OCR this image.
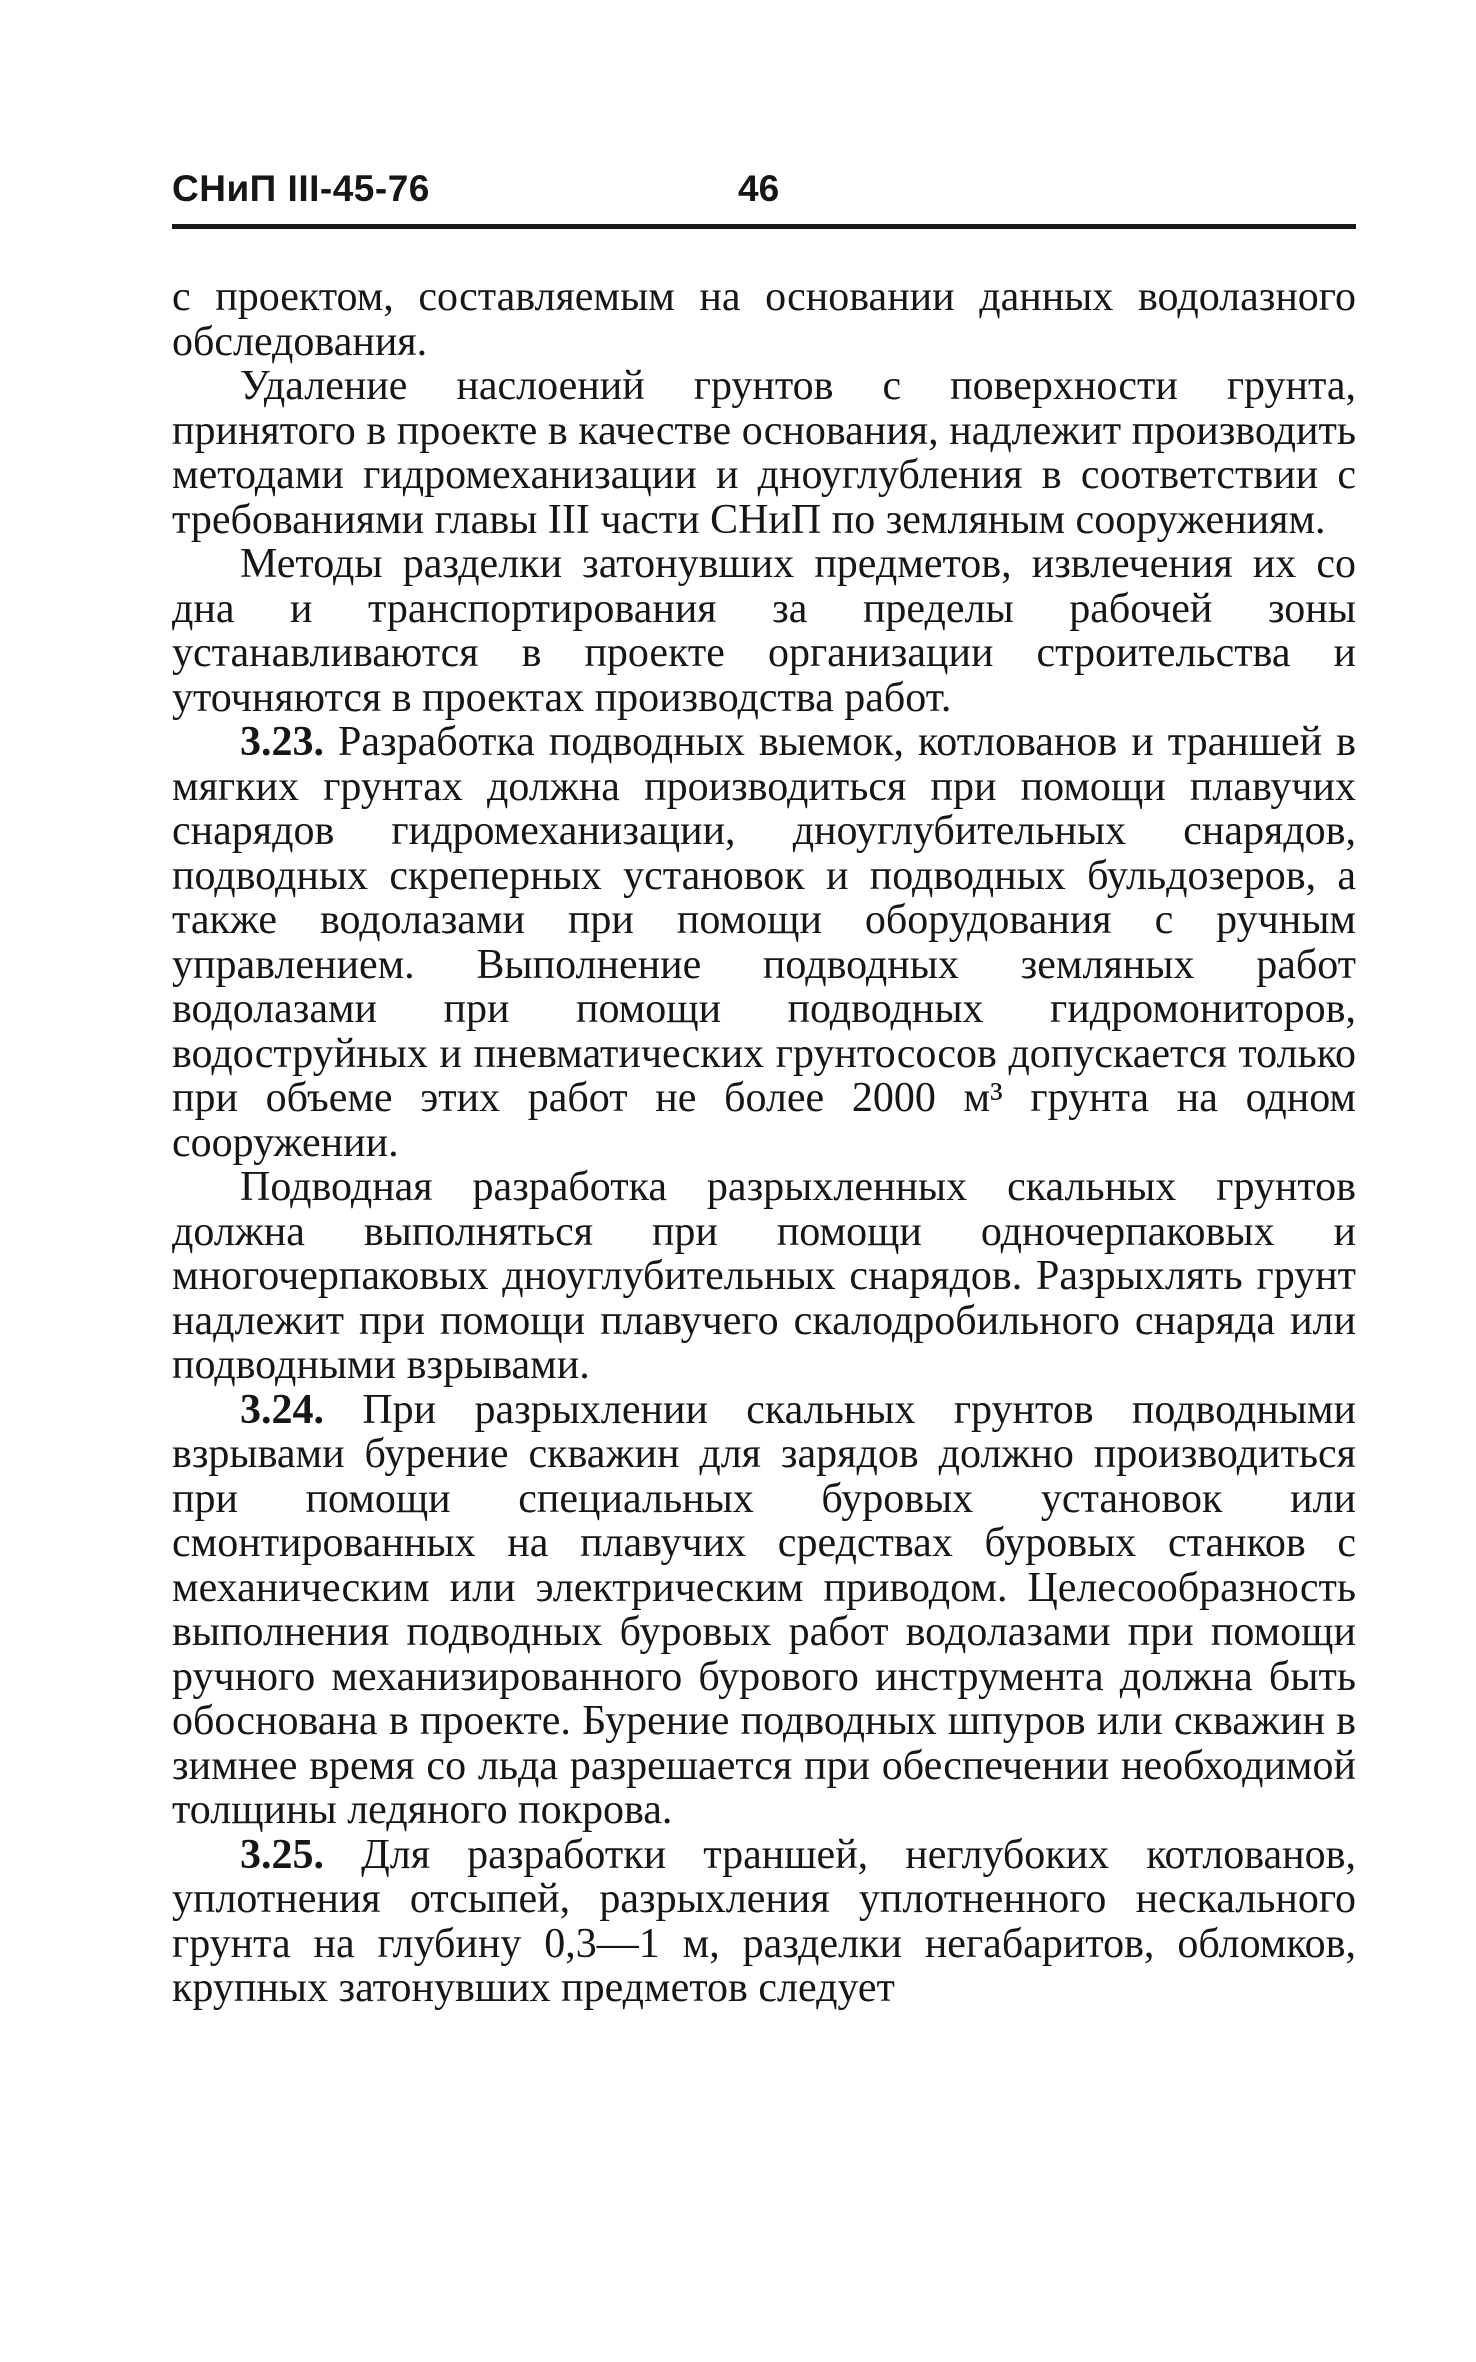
СНиП III-45-76	46

с проектом, составляемым на основании данных водолазного обследования.

Удаление наслоений грунтов с поверхности грунта, принятого в проекте в качестве основания, надлежит производить методами гидромеханизации и дноуглубления в соответствии с требованиями главы III части СНиП по земляным сооружениям.

Методы разделки затонувших предметов, извлечения их со дна и транспортирования за пределы рабочей зоны устанавливаются в проекте организации строительства и уточняются в проектах производства работ.

3.23. Разработка подводных выемок, котлованов и траншей в мягких грунтах должна производиться при помощи плавучих снарядов гидромеханизации, дноуглубительных снарядов, подводных скреперных установок и подводных бульдозеров, а также водолазами при помощи оборудования с ручным управлением. Выполнение подводных земляных работ водолазами при помощи подводных гидромониторов, водоструйных и пневматических грунтососов допускается только при объеме этих работ не более 2000 м³ грунта на одном сооружении.

Подводная разработка разрыхленных скальных грунтов должна выполняться при помощи одночерпаковых и многочерпаковых дноуглубительных снарядов. Разрыхлять грунт надлежит при помощи плавучего скалодробильного снаряда или подводными взрывами.

3.24. При разрыхлении скальных грунтов подводными взрывами бурение скважин для зарядов должно производиться при помощи специальных буровых установок или смонтированных на плавучих средствах буровых станков с механическим или электрическим приводом. Целесообразность выполнения подводных буровых работ водолазами при помощи ручного механизированного бурового инструмента должна быть обоснована в проекте. Бурение подводных шпуров или скважин в зимнее время со льда разрешается при обеспечении необходимой толщины ледяного покрова.

3.25. Для разработки траншей, неглубоких котлованов, уплотнения отсыпей, разрыхления уплотненного нескального грунта на глубину 0,3—1 м, разделки негабаритов, обломков, крупных затонувших предметов следует
